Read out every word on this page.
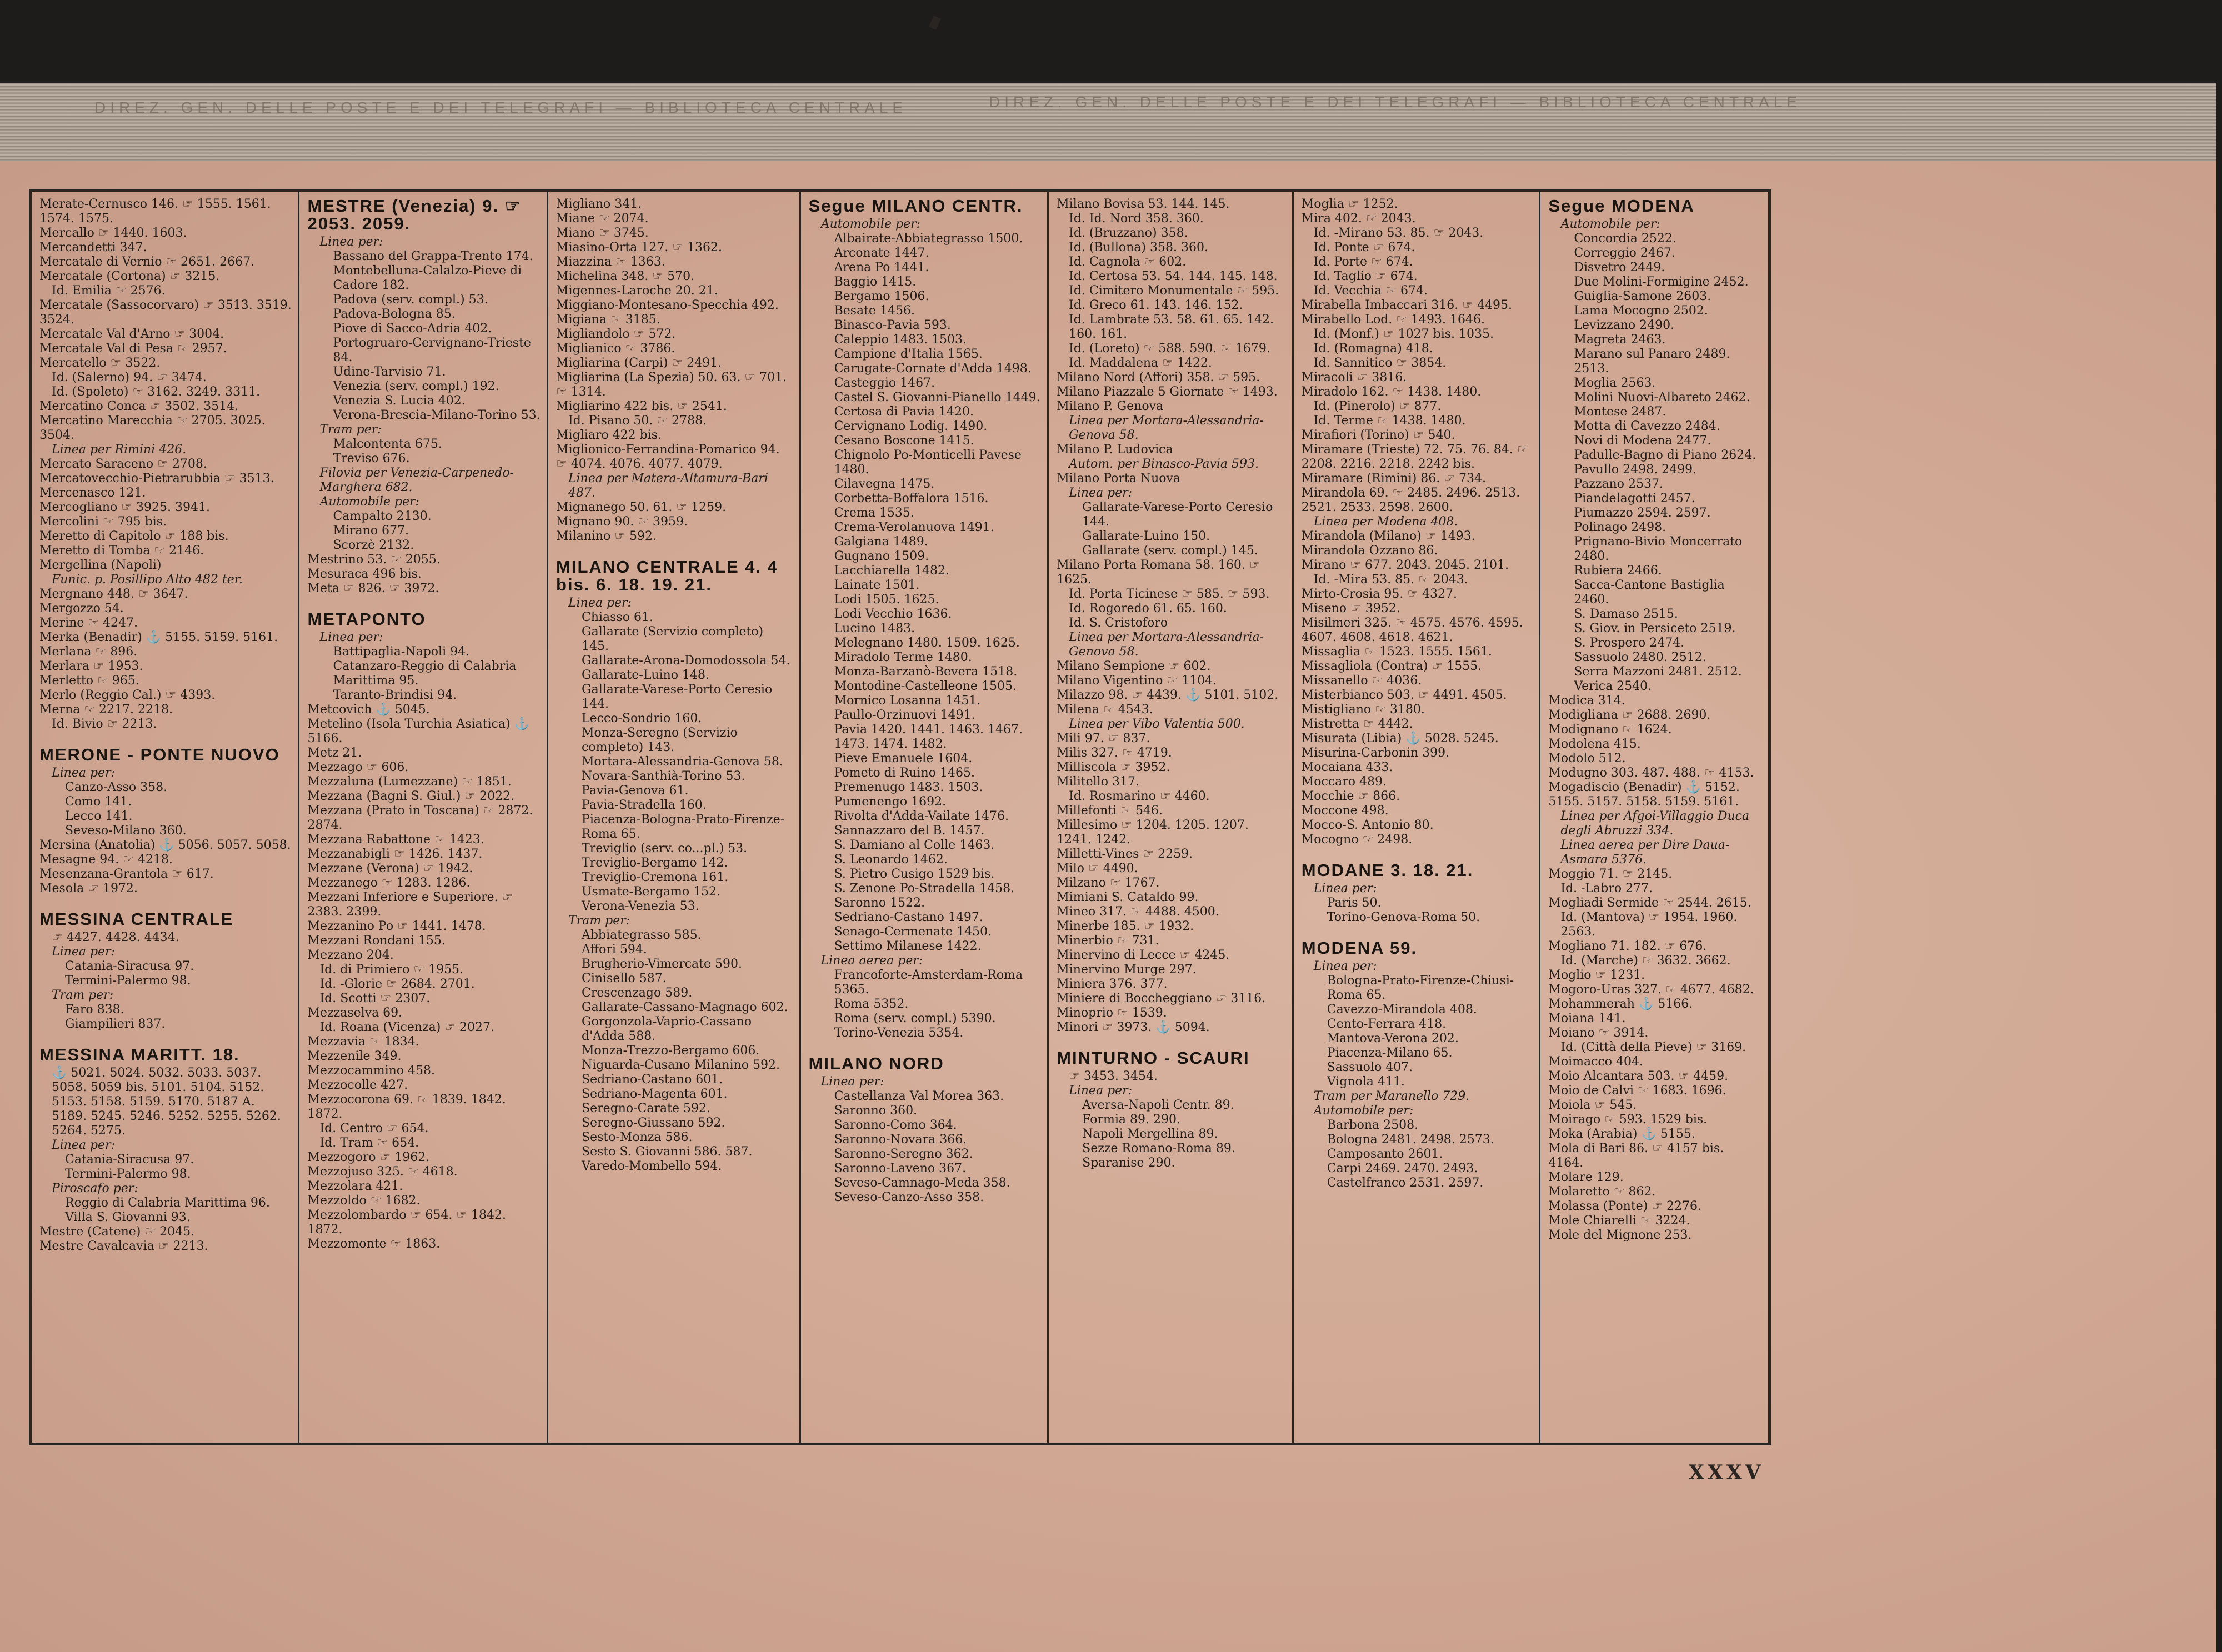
DIREZ. GEN. DELLE POSTE E DEI TELEGRAFI — BIBLIOTECA CENTRALE	DIREZ. GEN. DELLE POSTE E DEI TELEGRAFI — BIBLIOTECA CENTRALE
Merate-Cernusco 146. ☞ 1555. 1561. 1574. 1575.
Mercallo ☞ 1440. 1603.
Mercandetti 347.
Mercatale di Vernio ☞ 2651. 2667.
Mercatale (Cortona) ☞ 3215.
Id. Emilia ☞ 2576.
Mercatale (Sassocorvaro) ☞ 3513. 3519. 3524.
Mercatale Val d'Arno ☞ 3004.
Mercatale Val di Pesa ☞ 2957.
Mercatello ☞ 3522.
Id. (Salerno) 94. ☞ 3474.
Id. (Spoleto) ☞ 3162. 3249. 3311.
Mercatino Conca ☞ 3502. 3514.
Mercatino Marecchia ☞ 2705. 3025. 3504.
Linea per Rimini 426.
Mercato Saraceno ☞ 2708.
Mercatovecchio-Pietrarubbia ☞ 3513.
Mercenasco 121.
Mercogliano ☞ 3925. 3941.
Mercolini ☞ 795 bis.
Meretto di Capitolo ☞ 188 bis.
Meretto di Tomba ☞ 2146.
Mergellina (Napoli)
Funic. p. Posillipo Alto 482 ter.
Mergnano 448. ☞ 3647.
Mergozzo 54.
Merine ☞ 4247.
Merka (Benadir) ⚓ 5155. 5159. 5161.
Merlana ☞ 896.
Merlara ☞ 1953.
Merletto ☞ 965.
Merlo (Reggio Cal.) ☞ 4393.
Merna ☞ 2217. 2218.
Id. Bivio ☞ 2213.
MERONE - PONTE NUOVO
Linea per:
Canzo-Asso 358.
Como 141.
Lecco 141.
Seveso-Milano 360.
Mersina (Anatolia) ⚓ 5056. 5057. 5058.
Mesagne 94. ☞ 4218.
Mesenzana-Grantola ☞ 617.
Mesola ☞ 1972.
MESSINA CENTRALE
☞ 4427. 4428. 4434.
Linea per:
Catania-Siracusa 97.
Termini-Palermo 98.
Tram per:
Faro 838.
Giampilieri 837.
MESSINA MARITT. 18.
⚓ 5021. 5024. 5032. 5033. 5037. 5058. 5059 bis. 5101. 5104. 5152. 5153. 5158. 5159. 5170. 5187 A. 5189. 5245. 5246. 5252. 5255. 5262. 5264. 5275.
Linea per:
Catania-Siracusa 97.
Termini-Palermo 98.
Piroscafo per:
Reggio di Calabria Marittima 96.
Villa S. Giovanni 93.
Mestre (Catene) ☞ 2045.
Mestre Cavalcavia ☞ 2213.
MESTRE (Venezia) 9. ☞ 2053. 2059.
Linea per:
Bassano del Grappa-Trento 174.
Montebelluna-Calalzo-Pieve di Cadore 182.
Padova (serv. compl.) 53.
Padova-Bologna 85.
Piove di Sacco-Adria 402.
Portogruaro-Cervignano-Trieste 84.
Udine-Tarvisio 71.
Venezia (serv. compl.) 192.
Venezia S. Lucia 402.
Verona-Brescia-Milano-Torino 53.
Tram per:
Malcontenta 675.
Treviso 676.
Filovia per Venezia-Carpenedo-Marghera 682.
Automobile per:
Campalto 2130.
Mirano 677.
Scorzè 2132.
Mestrino 53. ☞ 2055.
Mesuraca 496 bis.
Meta ☞ 826. ☞ 3972.
METAPONTO
Linea per:
Battipaglia-Napoli 94.
Catanzaro-Reggio di Calabria Marittima 95.
Taranto-Brindisi 94.
Metcovich ⚓ 5045.
Metelino (Isola Turchia Asiatica) ⚓ 5166.
Metz 21.
Mezzago ☞ 606.
Mezzaluna (Lumezzane) ☞ 1851.
Mezzana (Bagni S. Giul.) ☞ 2022.
Mezzana (Prato in Toscana) ☞ 2872. 2874.
Mezzana Rabattone ☞ 1423.
Mezzanabigli ☞ 1426. 1437.
Mezzane (Verona) ☞ 1942.
Mezzanego ☞ 1283. 1286.
Mezzani Inferiore e Superiore. ☞ 2383. 2399.
Mezzanino Po ☞ 1441. 1478.
Mezzani Rondani 155.
Mezzano 204.
Id. di Primiero ☞ 1955.
Id. -Glorie ☞ 2684. 2701.
Id. Scotti ☞ 2307.
Mezzaselva 69.
Id. Roana (Vicenza) ☞ 2027.
Mezzavia ☞ 1834.
Mezzenile 349.
Mezzocammino 458.
Mezzocolle 427.
Mezzocorona 69. ☞ 1839. 1842. 1872.
Id. Centro ☞ 654.
Id. Tram ☞ 654.
Mezzogoro ☞ 1962.
Mezzojuso 325. ☞ 4618.
Mezzolara 421.
Mezzoldo ☞ 1682.
Mezzolombardo ☞ 654. ☞ 1842. 1872.
Mezzomonte ☞ 1863.
Migliano 341.
Miane ☞ 2074.
Miano ☞ 3745.
Miasino-Orta 127. ☞ 1362.
Miazzina ☞ 1363.
Michelina 348. ☞ 570.
Migennes-Laroche 20. 21.
Miggiano-Montesano-Specchia 492.
Migiana ☞ 3185.
Migliandolo ☞ 572.
Miglianico ☞ 3786.
Migliarina (Carpi) ☞ 2491.
Migliarina (La Spezia) 50. 63. ☞ 701. ☞ 1314.
Migliarino 422 bis. ☞ 2541.
Id. Pisano 50. ☞ 2788.
Migliaro 422 bis.
Miglionico-Ferrandina-Pomarico 94. ☞ 4074. 4076. 4077. 4079.
Linea per Matera-Altamura-Bari 487.
Mignanego 50. 61. ☞ 1259.
Mignano 90. ☞ 3959.
Milanino ☞ 592.
MILANO CENTRALE 4. 4 bis. 6. 18. 19. 21.
Linea per:
Chiasso 61.
Gallarate (Servizio completo) 145.
Gallarate-Arona-Domodossola 54.
Gallarate-Luino 148.
Gallarate-Varese-Porto Ceresio 144.
Lecco-Sondrio 160.
Monza-Seregno (Servizio completo) 143.
Mortara-Alessandria-Genova 58.
Novara-Santhià-Torino 53.
Pavia-Genova 61.
Pavia-Stradella 160.
Piacenza-Bologna-Prato-Firenze-Roma 65.
Treviglio (serv. co...pl.) 53.
Treviglio-Bergamo 142.
Treviglio-Cremona 161.
Usmate-Bergamo 152.
Verona-Venezia 53.
Tram per:
Abbiategrasso 585.
Affori 594.
Brugherio-Vimercate 590.
Cinisello 587.
Crescenzago 589.
Gallarate-Cassano-Magnago 602.
Gorgonzola-Vaprio-Cassano d'Adda 588.
Monza-Trezzo-Bergamo 606.
Niguarda-Cusano Milanino 592.
Sedriano-Castano 601.
Sedriano-Magenta 601.
Seregno-Carate 592.
Seregno-Giussano 592.
Sesto-Monza 586.
Sesto S. Giovanni 586. 587.
Varedo-Mombello 594.
Segue MILANO CENTR.
Automobile per:
Albairate-Abbiategrasso 1500.
Arconate 1447.
Arena Po 1441.
Baggio 1415.
Bergamo 1506.
Besate 1456.
Binasco-Pavia 593.
Caleppio 1483. 1503.
Campione d'Italia 1565.
Carugate-Cornate d'Adda 1498.
Casteggio 1467.
Castel S. Giovanni-Pianello 1449.
Certosa di Pavia 1420.
Cervignano Lodig. 1490.
Cesano Boscone 1415.
Chignolo Po-Monticelli Pavese 1480.
Cilavegna 1475.
Corbetta-Boffalora 1516.
Crema 1535.
Crema-Verolanuova 1491.
Galgiana 1489.
Gugnano 1509.
Lacchiarella 1482.
Lainate 1501.
Lodi 1505. 1625.
Lodi Vecchio 1636.
Lucino 1483.
Melegnano 1480. 1509. 1625.
Miradolo Terme 1480.
Monza-Barzanò-Bevera 1518.
Montodine-Castelleone 1505.
Mornico Losanna 1451.
Paullo-Orzinuovi 1491.
Pavia 1420. 1441. 1463. 1467. 1473. 1474. 1482.
Pieve Emanuele 1604.
Pometo di Ruino 1465.
Premenugo 1483. 1503.
Pumenengo 1692.
Rivolta d'Adda-Vailate 1476.
Sannazzaro del B. 1457.
S. Damiano al Colle 1463.
S. Leonardo 1462.
S. Pietro Cusigo 1529 bis.
S. Zenone Po-Stradella 1458.
Saronno 1522.
Sedriano-Castano 1497.
Senago-Cermenate 1450.
Settimo Milanese 1422.
Linea aerea per:
Francoforte-Amsterdam-Roma 5365.
Roma 5352.
Roma (serv. compl.) 5390.
Torino-Venezia 5354.
MILANO NORD
Linea per:
Castellanza Val Morea 363.
Saronno 360.
Saronno-Como 364.
Saronno-Novara 366.
Saronno-Seregno 362.
Saronno-Laveno 367.
Seveso-Camnago-Meda 358.
Seveso-Canzo-Asso 358.
Milano Bovisa 53. 144. 145.
Id. Id. Nord 358. 360.
Id. (Bruzzano) 358.
Id. (Bullona) 358. 360.
Id. Cagnola ☞ 602.
Id. Certosa 53. 54. 144. 145. 148.
Id. Cimitero Monumentale ☞ 595.
Id. Greco 61. 143. 146. 152.
Id. Lambrate 53. 58. 61. 65. 142. 160. 161.
Id. (Loreto) ☞ 588. 590. ☞ 1679.
Id. Maddalena ☞ 1422.
Milano Nord (Affori) 358. ☞ 595.
Milano Piazzale 5 Giornate ☞ 1493.
Milano P. Genova
Linea per Mortara-Alessandria-Genova 58.
Milano P. Ludovica
Autom. per Binasco-Pavia 593.
Milano Porta Nuova
Linea per:
Gallarate-Varese-Porto Ceresio 144.
Gallarate-Luino 150.
Gallarate (serv. compl.) 145.
Milano Porta Romana 58. 160. ☞ 1625.
Id. Porta Ticinese ☞ 585. ☞ 593.
Id. Rogoredo 61. 65. 160.
Id. S. Cristoforo
Linea per Mortara-Alessandria-Genova 58.
Milano Sempione ☞ 602.
Milano Vigentino ☞ 1104.
Milazzo 98. ☞ 4439. ⚓ 5101. 5102.
Milena ☞ 4543.
Linea per Vibo Valentia 500.
Mili 97. ☞ 837.
Milis 327. ☞ 4719.
Milliscola ☞ 3952.
Militello 317.
Id. Rosmarino ☞ 4460.
Millefonti ☞ 546.
Millesimo ☞ 1204. 1205. 1207. 1241. 1242.
Milletti-Vines ☞ 2259.
Milo ☞ 4490.
Milzano ☞ 1767.
Mimiani S. Cataldo 99.
Mineo 317. ☞ 4488. 4500.
Minerbe 185. ☞ 1932.
Minerbio ☞ 731.
Minervino di Lecce ☞ 4245.
Minervino Murge 297.
Miniera 376. 377.
Miniere di Boccheggiano ☞ 3116.
Minoprio ☞ 1539.
Minori ☞ 3973. ⚓ 5094.
MINTURNO - SCAURI
☞ 3453. 3454.
Linea per:
Aversa-Napoli Centr. 89.
Formia 89. 290.
Napoli Mergellina 89.
Sezze Romano-Roma 89.
Sparanise 290.
Moglia ☞ 1252.
Mira 402. ☞ 2043.
Id. -Mirano 53. 85. ☞ 2043.
Id. Ponte ☞ 674.
Id. Porte ☞ 674.
Id. Taglio ☞ 674.
Id. Vecchia ☞ 674.
Mirabella Imbaccari 316. ☞ 4495.
Mirabello Lod. ☞ 1493. 1646.
Id. (Monf.) ☞ 1027 bis. 1035.
Id. (Romagna) 418.
Id. Sannitico ☞ 3854.
Miracoli ☞ 3816.
Miradolo 162. ☞ 1438. 1480.
Id. (Pinerolo) ☞ 877.
Id. Terme ☞ 1438. 1480.
Mirafiori (Torino) ☞ 540.
Miramare (Trieste) 72. 75. 76. 84. ☞ 2208. 2216. 2218. 2242 bis.
Miramare (Rimini) 86. ☞ 734.
Mirandola 69. ☞ 2485. 2496. 2513. 2521. 2533. 2598. 2600.
Linea per Modena 408.
Mirandola (Milano) ☞ 1493.
Mirandola Ozzano 86.
Mirano ☞ 677. 2043. 2045. 2101.
Id. -Mira 53. 85. ☞ 2043.
Mirto-Crosia 95. ☞ 4327.
Miseno ☞ 3952.
Misilmeri 325. ☞ 4575. 4576. 4595. 4607. 4608. 4618. 4621.
Missaglia ☞ 1523. 1555. 1561.
Missagliola (Contra) ☞ 1555.
Missanello ☞ 4036.
Misterbianco 503. ☞ 4491. 4505.
Mistigliano ☞ 3180.
Mistretta ☞ 4442.
Misurata (Libia) ⚓ 5028. 5245.
Misurina-Carbonin 399.
Mocaiana 433.
Moccaro 489.
Mocchie ☞ 866.
Moccone 498.
Mocco-S. Antonio 80.
Mocogno ☞ 2498.
MODANE 3. 18. 21.
Linea per:
Paris 50.
Torino-Genova-Roma 50.
MODENA 59.
Linea per:
Bologna-Prato-Firenze-Chiusi-Roma 65.
Cavezzo-Mirandola 408.
Cento-Ferrara 418.
Mantova-Verona 202.
Piacenza-Milano 65.
Sassuolo 407.
Vignola 411.
Tram per Maranello 729.
Automobile per:
Barbona 2508.
Bologna 2481. 2498. 2573.
Camposanto 2601.
Carpi 2469. 2470. 2493.
Castelfranco 2531. 2597.
Segue MODENA
Automobile per:
Concordia 2522.
Correggio 2467.
Disvetro 2449.
Due Molini-Formigine 2452.
Guiglia-Samone 2603.
Lama Mocogno 2502.
Levizzano 2490.
Magreta 2463.
Marano sul Panaro 2489. 2513.
Moglia 2563.
Molini Nuovi-Albareto 2462.
Montese 2487.
Motta di Cavezzo 2484.
Novi di Modena 2477.
Padulle-Bagno di Piano 2624.
Pavullo 2498. 2499.
Pazzano 2537.
Piandelagotti 2457.
Piumazzo 2594. 2597.
Polinago 2498.
Prignano-Bivio Moncerrato 2480.
Rubiera 2466.
Sacca-Cantone Bastiglia 2460.
S. Damaso 2515.
S. Giov. in Persiceto 2519.
S. Prospero 2474.
Sassuolo 2480. 2512.
Serra Mazzoni 2481. 2512.
Verica 2540.
Modica 314.
Modigliana ☞ 2688. 2690.
Modignano ☞ 1624.
Modolena 415.
Modolo 512.
Modugno 303. 487. 488. ☞ 4153.
Mogadiscio (Benadir) ⚓ 5152. 5155. 5157. 5158. 5159. 5161.
Linea per Afgoi-Villaggio Duca degli Abruzzi 334.
Linea aerea per Dire Daua-Asmara 5376.
Moggio 71. ☞ 2145.
Id. -Labro 277.
Mogliadi Sermide ☞ 2544. 2615.
Id. (Mantova) ☞ 1954. 1960. 2563.
Mogliano 71. 182. ☞ 676.
Id. (Marche) ☞ 3632. 3662.
Moglio ☞ 1231.
Mogoro-Uras 327. ☞ 4677. 4682.
Mohammerah ⚓ 5166.
Moiana 141.
Moiano ☞ 3914.
Id. (Città della Pieve) ☞ 3169.
Moimacco 404.
Moio Alcantara 503. ☞ 4459.
Moio de Calvi ☞ 1683. 1696.
Moiola ☞ 545.
Moirago ☞ 593. 1529 bis.
Moka (Arabia) ⚓ 5155.
Mola di Bari 86. ☞ 4157 bis. 4164.
Molare 129.
Molaretto ☞ 862.
Molassa (Ponte) ☞ 2276.
Mole Chiarelli ☞ 3224.
Mole del Mignone 253.
XXXV
